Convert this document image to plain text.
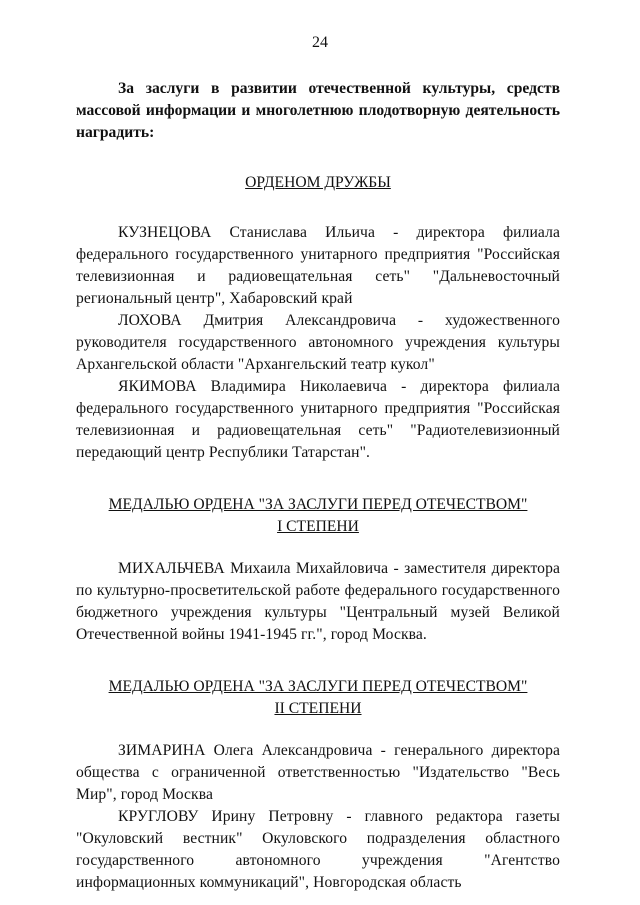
24

За заслуги в развитии отечественной культуры, средств массовой информации и многолетнюю плодотворную деятельность наградить:

ОРДЕНОМ ДРУЖБЫ

КУЗНЕЦОВА Станислава Ильича - директора филиала федерального государственного унитарного предприятия "Российская телевизионная и радиовещательная сеть" "Дальневосточный региональный центр", Хабаровский край

ЛОХОВА Дмитрия Александровича - художественного руководителя государственного автономного учреждения культуры Архангельской области "Архангельский театр кукол"

ЯКИМОВА Владимира Николаевича - директора филиала федерального государственного унитарного предприятия "Российская телевизионная и радиовещательная сеть" "Радиотелевизионный передающий центр Республики Татарстан".

МЕДАЛЬЮ ОРДЕНА "ЗА ЗАСЛУГИ ПЕРЕД ОТЕЧЕСТВОМ"

I СТЕПЕНИ

МИХАЛЬЧЕВА Михаила Михайловича - заместителя директора по культурно-просветительской работе федерального государственного бюджетного учреждения культуры "Центральный музей Великой Отечественной войны 1941-1945 гг.", город Москва.

МЕДАЛЬЮ ОРДЕНА "ЗА ЗАСЛУГИ ПЕРЕД ОТЕЧЕСТВОМ"

II СТЕПЕНИ

ЗИМАРИНА Олега Александровича - генерального директора общества с ограниченной ответственностью "Издательство "Весь Мир", город Москва

КРУГЛОВУ Ирину Петровну - главного редактора газеты "Окуловский вестник" Окуловского подразделения областного государственного автономного учреждения "Агентство информационных коммуникаций", Новгородская область
